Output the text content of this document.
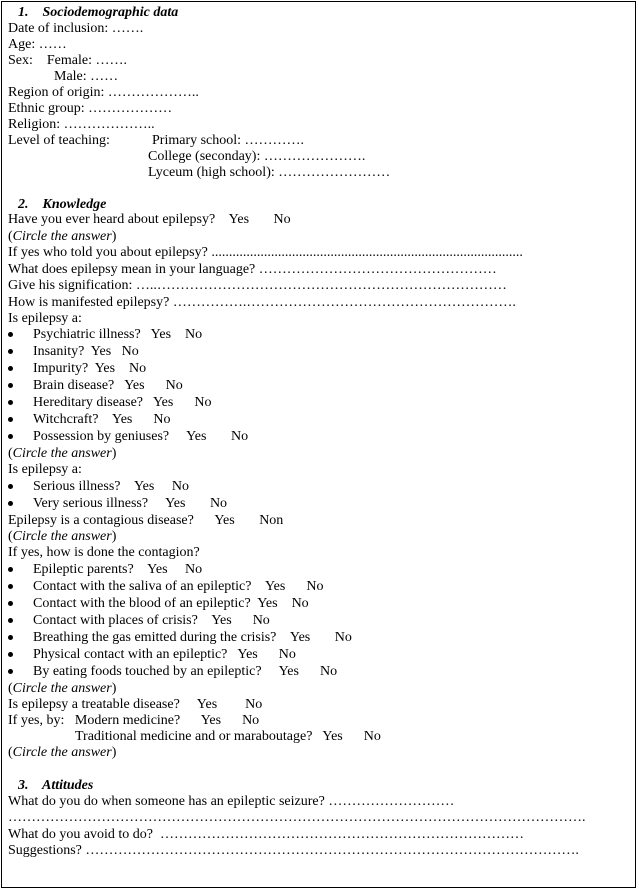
1.    Sociodemographic data
Date of inclusion: …….
Age: ……
Sex:    Female: …….
Male: ……
Region of origin: ………………..
Ethnic group: ………………
Religion: ………………..
Level of teaching:	Primary school: ………….
College (seconday): ………………….
Lyceum (high school): ……………………
2.    Knowledge
Have you ever heard about epilepsy?    Yes       No
(Circle the answer)
If yes who told you about epilepsy? .........................................................................................
What does epilepsy mean in your language? ……………………………………………
Give his signification: …..…………………………………………………………………
How is manifested epilepsy? …………….………………………………………………….
Is epilepsy a:
Psychiatric illness?   Yes    No
Insanity?  Yes   No
Impurity?  Yes    No
Brain disease?   Yes      No
Hereditary disease?   Yes      No
Witchcraft?    Yes      No
Possession by geniuses?     Yes       No
(Circle the answer)
Is epilepsy a:
Serious illness?    Yes     No
Very serious illness?     Yes       No
Epilepsy is a contagious disease?      Yes       Non
(Circle the answer)
If yes, how is done the contagion?
Epileptic parents?    Yes     No
Contact with the saliva of an epileptic?    Yes      No
Contact with the blood of an epileptic?  Yes    No
Contact with places of crisis?    Yes      No
Breathing the gas emitted during the crisis?    Yes       No
Physical contact with an epileptic?   Yes      No
By eating foods touched by an epileptic?     Yes      No
(Circle the answer)
Is epilepsy a treatable disease?     Yes        No
If yes, by:   Modern medicine?      Yes      No
Traditional medicine and or maraboutage?   Yes      No
(Circle the answer)
3.    Attitudes
What do you do when someone has an epileptic seizure? ………………………
…………………………………………………………………………………………………………….
What do you avoid to do?  ……………………………………………………………………
Suggestions? …………………………………………………………………………………………….
